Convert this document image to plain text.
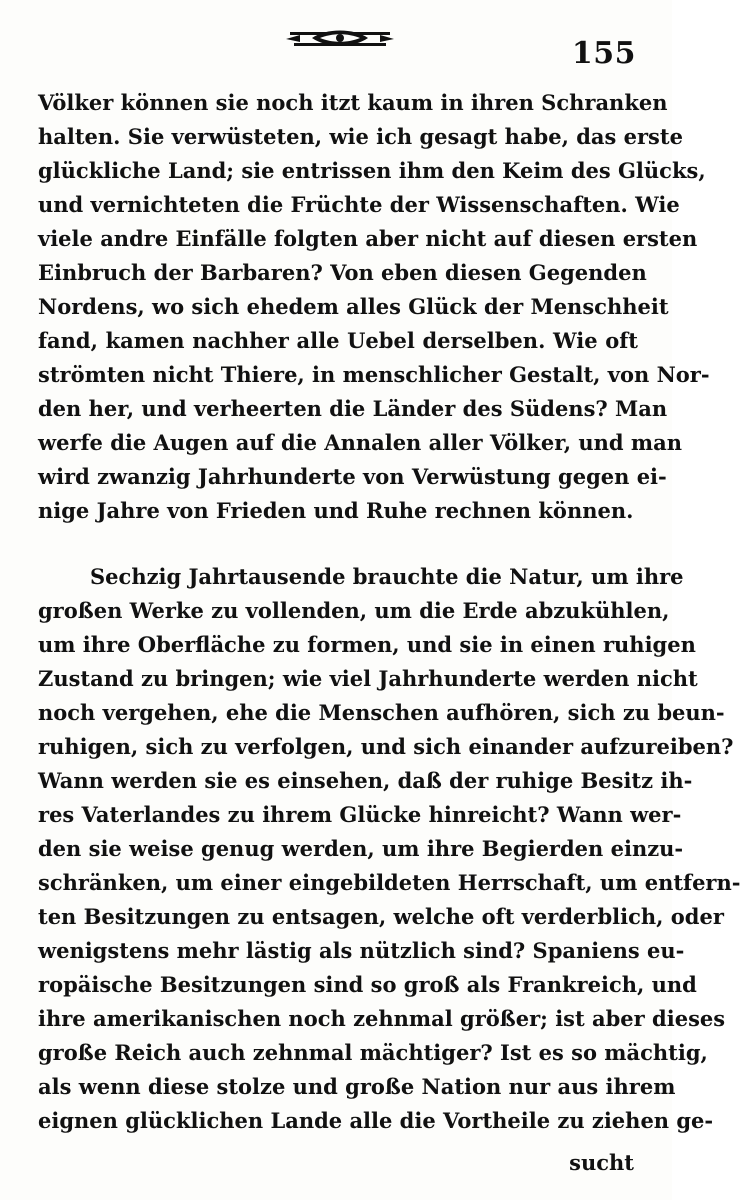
155
Völker können sie noch itzt kaum in ihren Schranken
halten. Sie verwüsteten, wie ich gesagt habe, das erste
glückliche Land; sie entrissen ihm den Keim des Glücks,
und vernichteten die Früchte der Wissenschaften. Wie
viele andre Einfälle folgten aber nicht auf diesen ersten
Einbruch der Barbaren? Von eben diesen Gegenden
Nordens, wo sich ehedem alles Glück der Menschheit
fand, kamen nachher alle Uebel derselben. Wie oft
strömten nicht Thiere, in menschlicher Gestalt, von Nor-
den her, und verheerten die Länder des Südens? Man
werfe die Augen auf die Annalen aller Völker, und man
wird zwanzig Jahrhunderte von Verwüstung gegen ei-
nige Jahre von Frieden und Ruhe rechnen können.
Sechzig Jahrtausende brauchte die Natur, um ihre
großen Werke zu vollenden, um die Erde abzukühlen,
um ihre Oberfläche zu formen, und sie in einen ruhigen
Zustand zu bringen; wie viel Jahrhunderte werden nicht
noch vergehen, ehe die Menschen aufhören, sich zu beun-
ruhigen, sich zu verfolgen, und sich einander aufzureiben?
Wann werden sie es einsehen, daß der ruhige Besitz ih-
res Vaterlandes zu ihrem Glücke hinreicht? Wann wer-
den sie weise genug werden, um ihre Begierden einzu-
schränken, um einer eingebildeten Herrschaft, um entfern-
ten Besitzungen zu entsagen, welche oft verderblich, oder
wenigstens mehr lästig als nützlich sind? Spaniens eu-
ropäische Besitzungen sind so groß als Frankreich, und
ihre amerikanischen noch zehnmal größer; ist aber dieses
große Reich auch zehnmal mächtiger? Ist es so mächtig,
als wenn diese stolze und große Nation nur aus ihrem
eignen glücklichen Lande alle die Vortheile zu ziehen ge-
sucht
